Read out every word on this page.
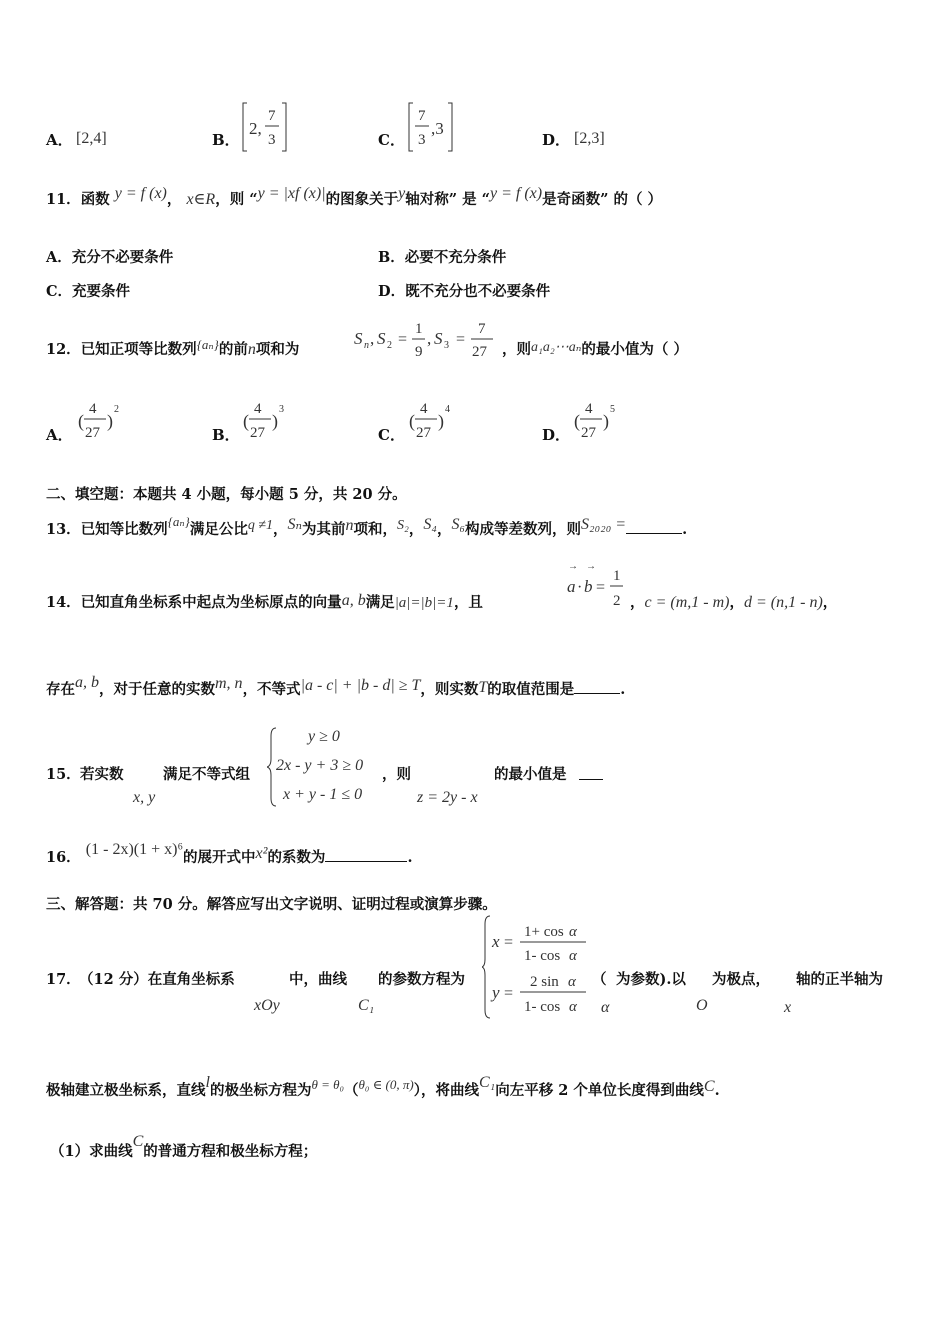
A． [2,4]	B．
2,
7
3	C．
7
3
,3
D． [2,3]
11．函数 y = f (x)， x∈R，则 “y = |xf (x)|的图象关于y轴对称” 是 “y = f (x)是奇函数” 的（ ）
A．充分不必要条件	B．必要不充分条件
C．充要条件	D．既不充分也不必要条件
12．已知正项等比数列$^{\{a_n\}}$的前n项和为
S n , S 2 =
1
9
, S 3 =
7
27 ，则a₁a₂⋯aₙ的最小值为（ ）
A．
(
4
27
)
2
B．
(
4
27
)
3
C．
(
4
27
)
4
D．
(
4
27
)
5
二、填空题：本题共 4 小题，每小题 5 分，共 20 分。
13．已知等比数列$^{\{a_n\}}$满足公比q ≠1，Sₙ为其前n项和，S₂，S₄，S₆构成等差数列，则S₂₀₂₀ =	.
14．已知直角坐标系中起点为坐标原点的向量a, b满足|a|=|b|=1，且
→ →
a · b =
1
2 ，c = (m,1 - m)，d = (n,1 - n)，
存在a, b，对于任意的实数m, n，不等式|a - c| + |b - d| ≥ T，则实数T的取值范围是	.
15． 若实数
x, y
满足不等式组
y ≥ 0
2x - y + 3 ≥ 0
x + y - 1 ≤ 0
，则
z = 2y - x
的最小值是
16． (1 - 2x)(1 + x)⁶的展开式中x²的系数为	.
三、解答题：共 70 分。解答应写出文字说明、证明过程或演算步骤。
17．
（12 分）在直角坐标系
xOy
中，曲线
C₁
的参数方程为
x =
1+ cos α
1- cos α
y =
2 sin α
1- cos α
（
α
为参数).以
O
为极点，
x
轴的正半轴为
极轴建立极坐标系，直线l的极坐标方程为$^{\theta = \theta_0}$（$^{\theta_0 \in (0, \pi)}$），将曲线C₁向左平移 2 个单位长度得到曲线C.
（1）求曲线C的普通方程和极坐标方程；
